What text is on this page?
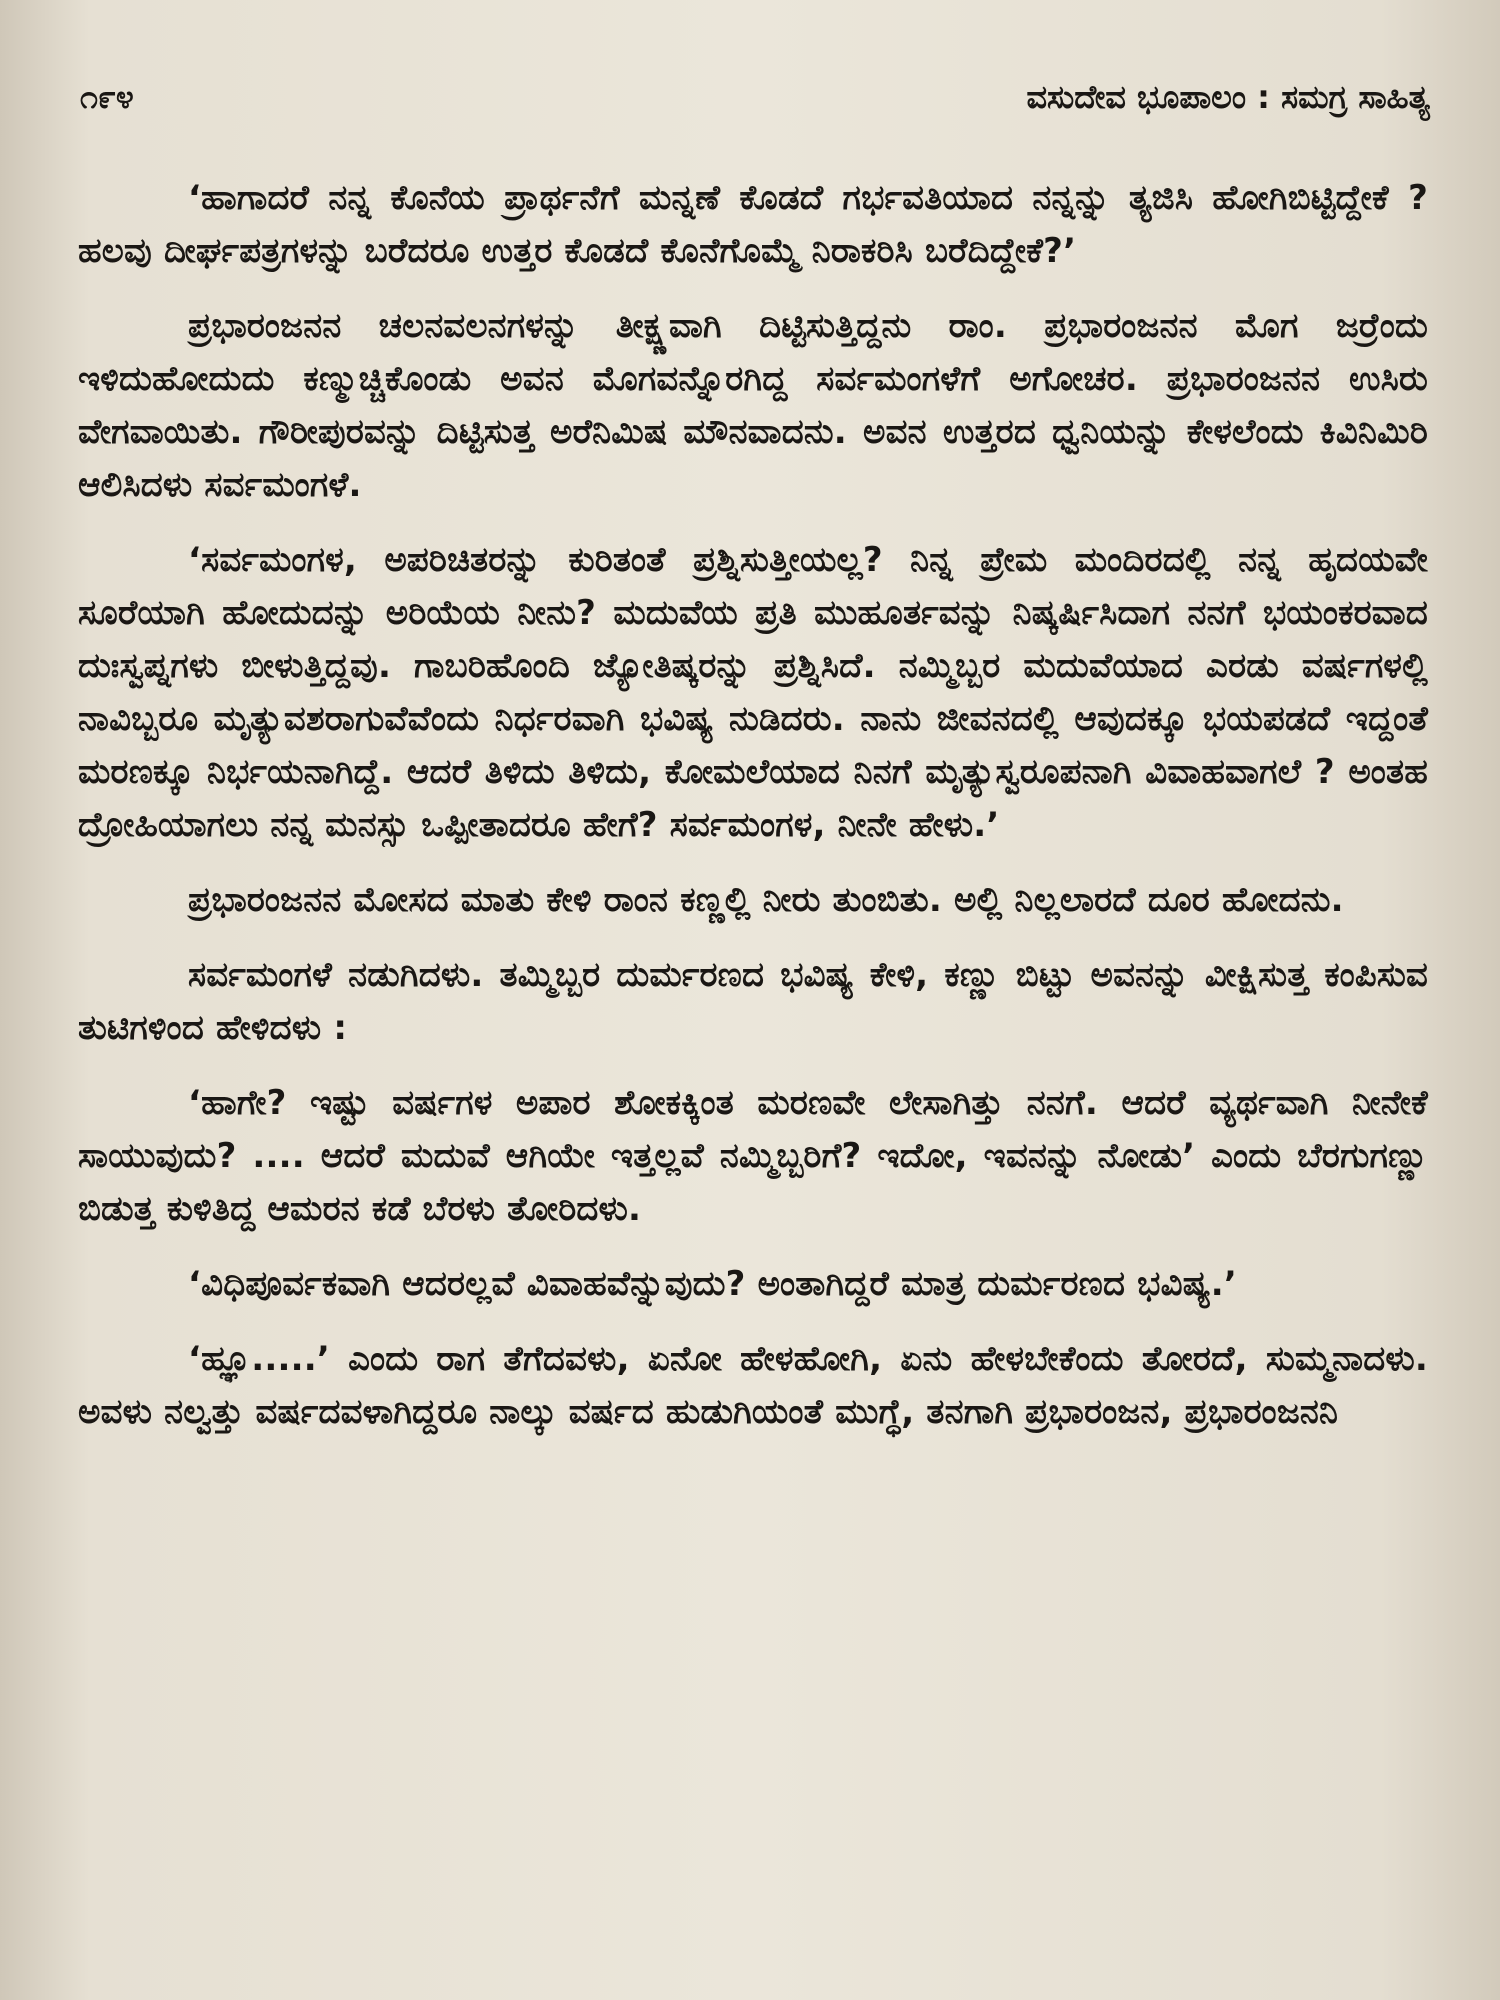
೧೯೪	ವಸುದೇವ ಭೂಪಾಲಂ : ಸಮಗ್ರ ಸಾಹಿತ್ಯ

‘ಹಾಗಾದರೆ ನನ್ನ ಕೊನೆಯ ಪ್ರಾರ್ಥನೆಗೆ ಮನ್ನಣೆ ಕೊಡದೆ ಗರ್ಭವತಿಯಾದ ನನ್ನನ್ನು ತ್ಯಜಿಸಿ ಹೋಗಿಬಿಟ್ಟಿದ್ದೇಕೆ ? ಹಲವು ದೀರ್ಘಪತ್ರಗಳನ್ನು ಬರೆದರೂ ಉತ್ತರ ಕೊಡದೆ ಕೊನೆಗೊಮ್ಮೆ ನಿರಾಕರಿಸಿ ಬರೆದಿದ್ದೇಕೆ?’

ಪ್ರಭಾರಂಜನನ ಚಲನವಲನಗಳನ್ನು ತೀಕ್ಷ್ಣವಾಗಿ ದಿಟ್ಟಿಸುತ್ತಿದ್ದನು ರಾಂ. ಪ್ರಭಾರಂಜನನ ಮೊಗ ಜರ್‍ರೆಂದು ಇಳಿದುಹೋದುದು ಕಣ್ಮುಚ್ಚಿಕೊಂಡು ಅವನ ಮೊಗವನ್ನೊರಗಿದ್ದ ಸರ್ವಮಂಗಳೆಗೆ ಅಗೋಚರ. ಪ್ರಭಾರಂಜನನ ಉಸಿರು ವೇಗವಾಯಿತು. ಗೌರೀಪುರವನ್ನು ದಿಟ್ಟಿಸುತ್ತ ಅರೆನಿಮಿಷ ಮೌನವಾದನು. ಅವನ ಉತ್ತರದ ಧ್ವನಿಯನ್ನು ಕೇಳಲೆಂದು ಕಿವಿನಿಮಿರಿ ಆಲಿಸಿದಳು ಸರ್ವಮಂಗಳೆ.

‘ಸರ್ವಮಂಗಳ, ಅಪರಿಚಿತರನ್ನು ಕುರಿತಂತೆ ಪ್ರಶ್ನಿಸುತ್ತೀಯಲ್ಲ? ನಿನ್ನ ಪ್ರೇಮ ಮಂದಿರದಲ್ಲಿ ನನ್ನ ಹೃದಯವೇ ಸೂರೆಯಾಗಿ ಹೋದುದನ್ನು ಅರಿಯೆಯ ನೀನು? ಮದುವೆಯ ಪ್ರತಿ ಮುಹೂರ್ತವನ್ನು ನಿಷ್ಕರ್ಷಿಸಿದಾಗ ನನಗೆ ಭಯಂಕರವಾದ ದುಃಸ್ವಪ್ನಗಳು ಬೀಳುತ್ತಿದ್ದವು. ಗಾಬರಿಹೊಂದಿ ಜ್ಯೋತಿಷ್ಕರನ್ನು ಪ್ರಶ್ನಿಸಿದೆ. ನಮ್ಮಿಬ್ಬರ ಮದುವೆಯಾದ ಎರಡು ವರ್ಷಗಳಲ್ಲಿ ನಾವಿಬ್ಬರೂ ಮೃತ್ಯುವಶರಾಗುವೆವೆಂದು ನಿರ್ಧರವಾಗಿ ಭವಿಷ್ಯ ನುಡಿದರು. ನಾನು ಜೀವನದಲ್ಲಿ ಆವುದಕ್ಕೂ ಭಯಪಡದೆ ಇದ್ದಂತೆ ಮರಣಕ್ಕೂ ನಿರ್ಭಯನಾಗಿದ್ದೆ. ಆದರೆ ತಿಳಿದು ತಿಳಿದು, ಕೋಮಲೆಯಾದ ನಿನಗೆ ಮೃತ್ಯುಸ್ವರೂಪನಾಗಿ ವಿವಾಹವಾಗಲೆ ? ಅಂತಹ ದ್ರೋಹಿಯಾಗಲು ನನ್ನ ಮನಸ್ಸು ಒಪ್ಪೀತಾದರೂ ಹೇಗೆ? ಸರ್ವಮಂಗಳ, ನೀನೇ ಹೇಳು.’

ಪ್ರಭಾರಂಜನನ ಮೋಸದ ಮಾತು ಕೇಳಿ ರಾಂನ ಕಣ್ಣಲ್ಲಿ ನೀರು ತುಂಬಿತು. ಅಲ್ಲಿ ನಿಲ್ಲಲಾರದೆ ದೂರ ಹೋದನು.

ಸರ್ವಮಂಗಳೆ ನಡುಗಿದಳು. ತಮ್ಮಿಬ್ಬರ ದುರ್ಮರಣದ ಭವಿಷ್ಯ ಕೇಳಿ, ಕಣ್ಣು ಬಿಟ್ಟು ಅವನನ್ನು ವೀಕ್ಷಿಸುತ್ತ ಕಂಪಿಸುವ ತುಟಿಗಳಿಂದ ಹೇಳಿದಳು :

‘ಹಾಗೇ? ಇಷ್ಟು ವರ್ಷಗಳ ಅಪಾರ ಶೋಕಕ್ಕಿಂತ ಮರಣವೇ ಲೇಸಾಗಿತ್ತು ನನಗೆ. ಆದರೆ ವ್ಯರ್ಥವಾಗಿ ನೀನೇಕೆ ಸಾಯುವುದು? .... ಆದರೆ ಮದುವೆ ಆಗಿಯೇ ಇತ್ತಲ್ಲವೆ ನಮ್ಮಿಬ್ಬರಿಗೆ? ಇದೋ, ಇವನನ್ನು ನೋಡು’ ಎಂದು ಬೆರಗುಗಣ್ಣು ಬಿಡುತ್ತ ಕುಳಿತಿದ್ದ ಆಮರನ ಕಡೆ ಬೆರಳು ತೋರಿದಳು.

‘ವಿಧಿಪೂರ್ವಕವಾಗಿ ಆದರಲ್ಲವೆ ವಿವಾಹವೆನ್ನುವುದು? ಅಂತಾಗಿದ್ದರೆ ಮಾತ್ರ ದುರ್ಮರಣದ ಭವಿಷ್ಯ.’

‘ಹ್ಞೂ.....’ ಎಂದು ರಾಗ ತೆಗೆದವಳು, ಏನೋ ಹೇಳಹೋಗಿ, ಏನು ಹೇಳಬೇಕೆಂದು ತೋರದೆ, ಸುಮ್ಮನಾದಳು. ಅವಳು ನಲ್ವತ್ತು ವರ್ಷದವಳಾಗಿದ್ದರೂ ನಾಲ್ಕು ವರ್ಷದ ಹುಡುಗಿಯಂತೆ ಮುಗ್ಧೆ, ತನಗಾಗಿ ಪ್ರಭಾರಂಜನ, ಪ್ರಭಾರಂಜನನಿ
